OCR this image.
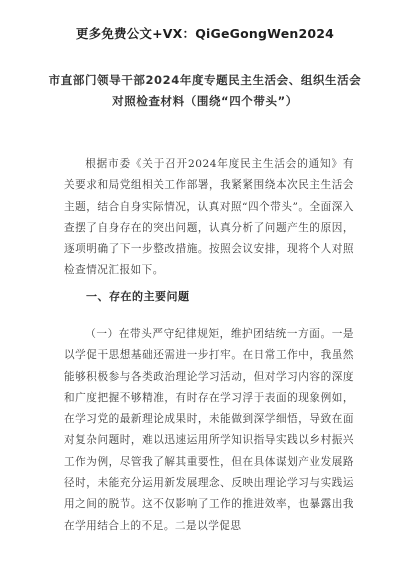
更多免费公文+VX：QiGeGongWen2024
市直部门领导干部2024年度专题民主生活会、组织生活会
对照检查材料（围绕“四个带头”）

根据市委《关于召开2024年度民主生活会的通知》有关要求和局党组相关工作部署，我紧紧围绕本次民主生活会主题，结合自身实际情况，认真对照“四个带头”。全面深入查摆了自身存在的突出问题，认真分析了问题产生的原因，逐项明确了下一步整改措施。按照会议安排，现将个人对照检查情况汇报如下。

一、存在的主要问题

（一）在带头严守纪律规矩，维护团结统一方面。一是以学促干思想基础还需进一步打牢。在日常工作中，我虽然能够积极参与各类政治理论学习活动，但对学习内容的深度和广度把握不够精准，有时存在学习浮于表面的现象例如，在学习党的最新理论成果时，未能做到深学细悟，导致在面对复杂问题时，难以迅速运用所学知识指导实践以乡村振兴工作为例，尽管我了解其重要性，但在具体谋划产业发展路径时，未能充分运用新发展理念、反映出理论学习与实践运用之间的脱节。这不仅影响了工作的推进效率，也暴露出我在学用结合上的不足。二是以学促思
